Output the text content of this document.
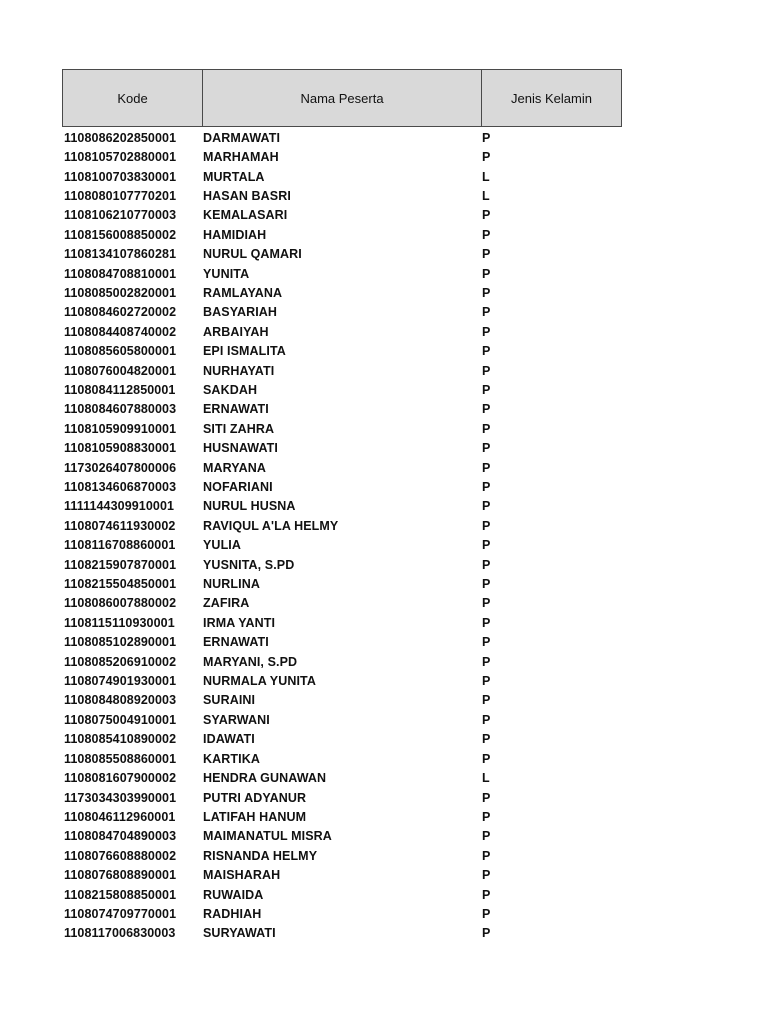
Kode	Nama Peserta	Jenis Kelamin
1108086202850001	DARMAWATI	P
1108105702880001	MARHAMAH	P
1108100703830001	MURTALA	L
1108080107770201	HASAN BASRI	L
1108106210770003	KEMALASARI	P
1108156008850002	HAMIDIAH	P
1108134107860281	NURUL QAMARI	P
1108084708810001	YUNITA	P
1108085002820001	RAMLAYANA	P
1108084602720002	BASYARIAH	P
1108084408740002	ARBAIYAH	P
1108085605800001	EPI ISMALITA	P
1108076004820001	NURHAYATI	P
1108084112850001	SAKDAH	P
1108084607880003	ERNAWATI	P
1108105909910001	SITI ZAHRA	P
1108105908830001	HUSNAWATI	P
1173026407800006	MARYANA	P
1108134606870003	NOFARIANI	P
1111144309910001	NURUL HUSNA	P
1108074611930002	RAVIQUL A'LA HELMY	P
1108116708860001	YULIA	P
1108215907870001	YUSNITA, S.PD	P
1108215504850001	NURLINA	P
1108086007880002	ZAFIRA	P
1108115110930001	IRMA YANTI	P
1108085102890001	ERNAWATI	P
1108085206910002	MARYANI, S.PD	P
1108074901930001	NURMALA YUNITA	P
1108084808920003	SURAINI	P
1108075004910001	SYARWANI	P
1108085410890002	IDAWATI	P
1108085508860001	KARTIKA	P
1108081607900002	HENDRA GUNAWAN	L
1173034303990001	PUTRI ADYANUR	P
1108046112960001	LATIFAH HANUM	P
1108084704890003	MAIMANATUL MISRA	P
1108076608880002	RISNANDA HELMY	P
1108076808890001	MAISHARAH	P
1108215808850001	RUWAIDA	P
1108074709770001	RADHIAH	P
1108117006830003	SURYAWATI	P
